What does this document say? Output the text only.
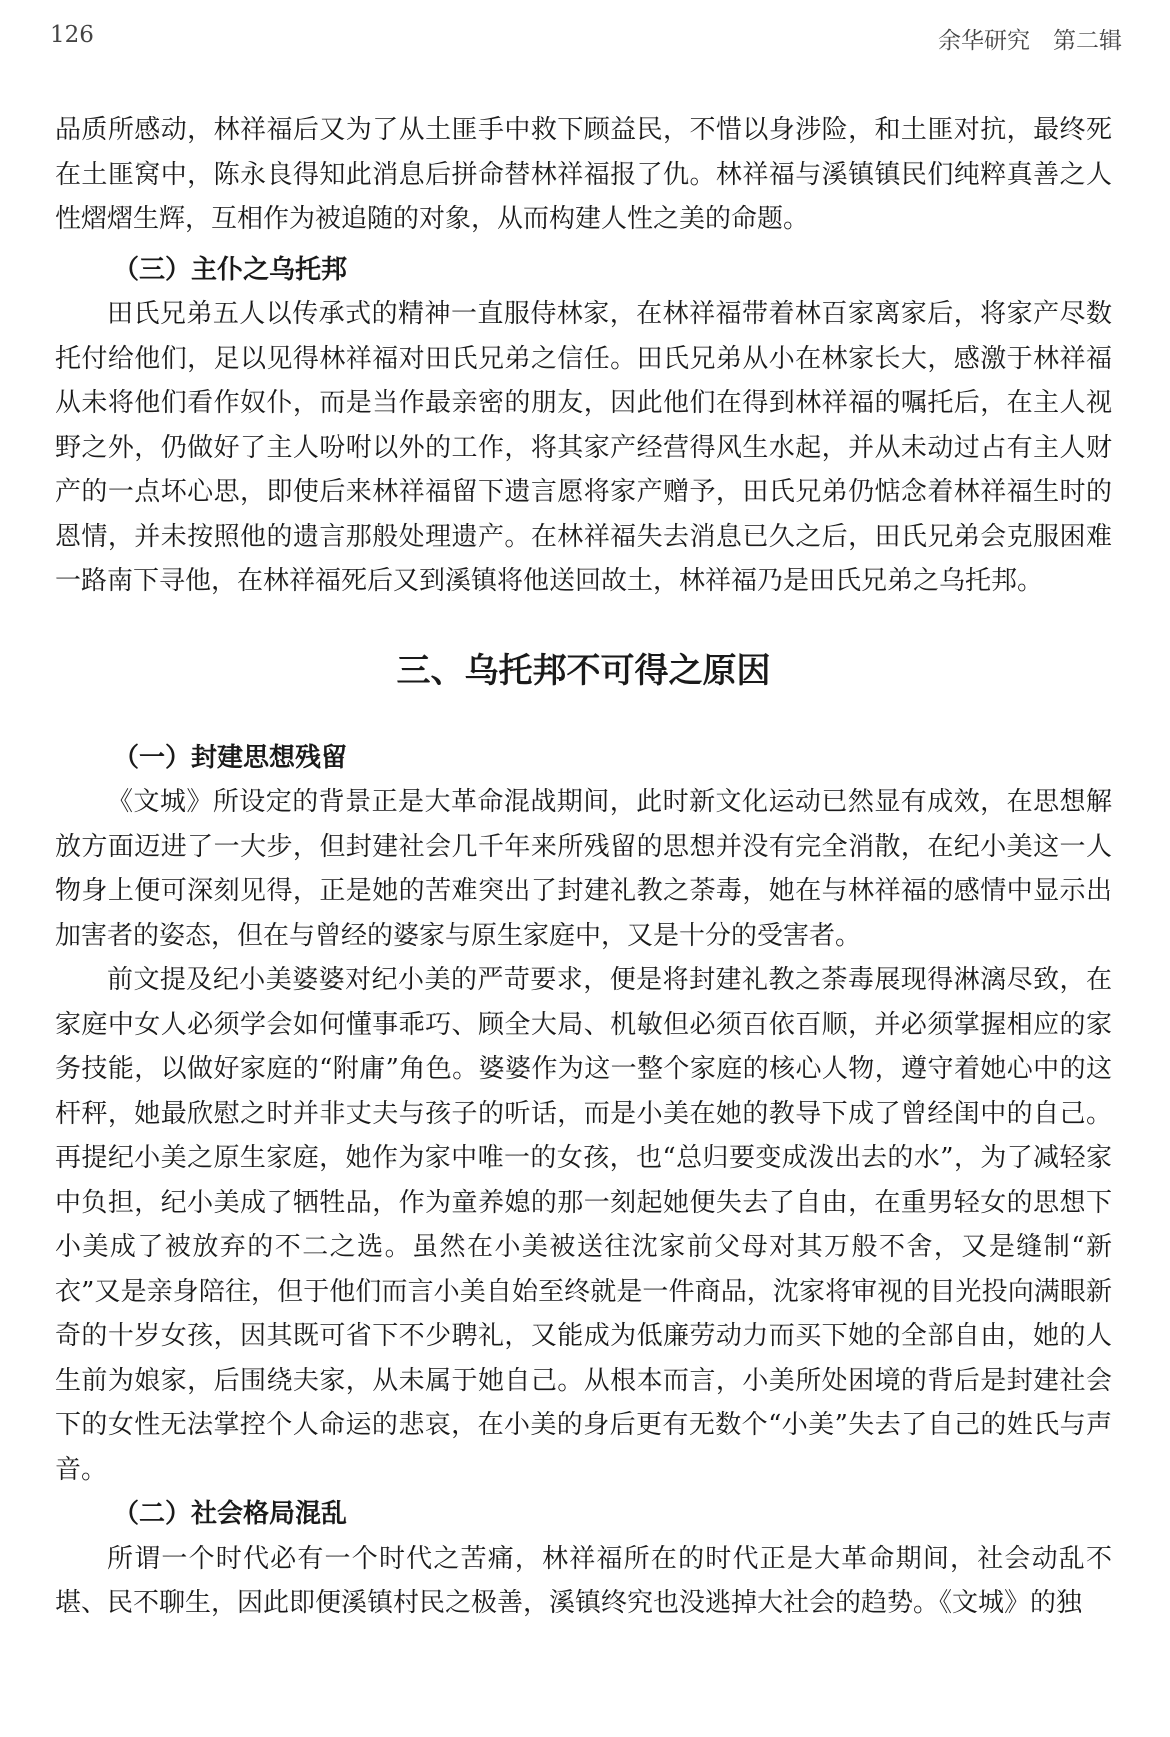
126	余华研究　第二辑

品质所感动，林祥福后又为了从土匪手中救下顾益民，不惜以身涉险，和土匪对抗，最终死在土匪窝中，陈永良得知此消息后拼命替林祥福报了仇。林祥福与溪镇镇民们纯粹真善之人性熠熠生辉，互相作为被追随的对象，从而构建人性之美的命题。

（三）主仆之乌托邦

田氏兄弟五人以传承式的精神一直服侍林家，在林祥福带着林百家离家后，将家产尽数托付给他们，足以见得林祥福对田氏兄弟之信任。田氏兄弟从小在林家长大，感激于林祥福从未将他们看作奴仆，而是当作最亲密的朋友，因此他们在得到林祥福的嘱托后，在主人视野之外，仍做好了主人吩咐以外的工作，将其家产经营得风生水起，并从未动过占有主人财产的一点坏心思，即使后来林祥福留下遗言愿将家产赠予，田氏兄弟仍惦念着林祥福生时的恩情，并未按照他的遗言那般处理遗产。在林祥福失去消息已久之后，田氏兄弟会克服困难一路南下寻他，在林祥福死后又到溪镇将他送回故土，林祥福乃是田氏兄弟之乌托邦。

三、乌托邦不可得之原因
（一）封建思想残留

《文城》所设定的背景正是大革命混战期间，此时新文化运动已然显有成效，在思想解放方面迈进了一大步，但封建社会几千年来所残留的思想并没有完全消散，在纪小美这一人物身上便可深刻见得，正是她的苦难突出了封建礼教之荼毒，她在与林祥福的感情中显示出加害者的姿态，但在与曾经的婆家与原生家庭中，又是十分的受害者。

前文提及纪小美婆婆对纪小美的严苛要求，便是将封建礼教之荼毒展现得淋漓尽致，在家庭中女人必须学会如何懂事乖巧、顾全大局、机敏但必须百依百顺，并必须掌握相应的家务技能，以做好家庭的“附庸”角色。婆婆作为这一整个家庭的核心人物，遵守着她心中的这杆秤，她最欣慰之时并非丈夫与孩子的听话，而是小美在她的教导下成了曾经闺中的自己。再提纪小美之原生家庭，她作为家中唯一的女孩，也“总归要变成泼出去的水”，为了减轻家中负担，纪小美成了牺牲品，作为童养媳的那一刻起她便失去了自由，在重男轻女的思想下小美成了被放弃的不二之选。虽然在小美被送往沈家前父母对其万般不舍，又是缝制“新衣”又是亲身陪往，但于他们而言小美自始至终就是一件商品，沈家将审视的目光投向满眼新奇的十岁女孩，因其既可省下不少聘礼，又能成为低廉劳动力而买下她的全部自由，她的人生前为娘家，后围绕夫家，从未属于她自己。从根本而言，小美所处困境的背后是封建社会下的女性无法掌控个人命运的悲哀，在小美的身后更有无数个“小美”失去了自己的姓氏与声音。

（二）社会格局混乱

所谓一个时代必有一个时代之苦痛，林祥福所在的时代正是大革命期间，社会动乱不堪、民不聊生，因此即便溪镇村民之极善，溪镇终究也没逃掉大社会的趋势。《文城》的独
